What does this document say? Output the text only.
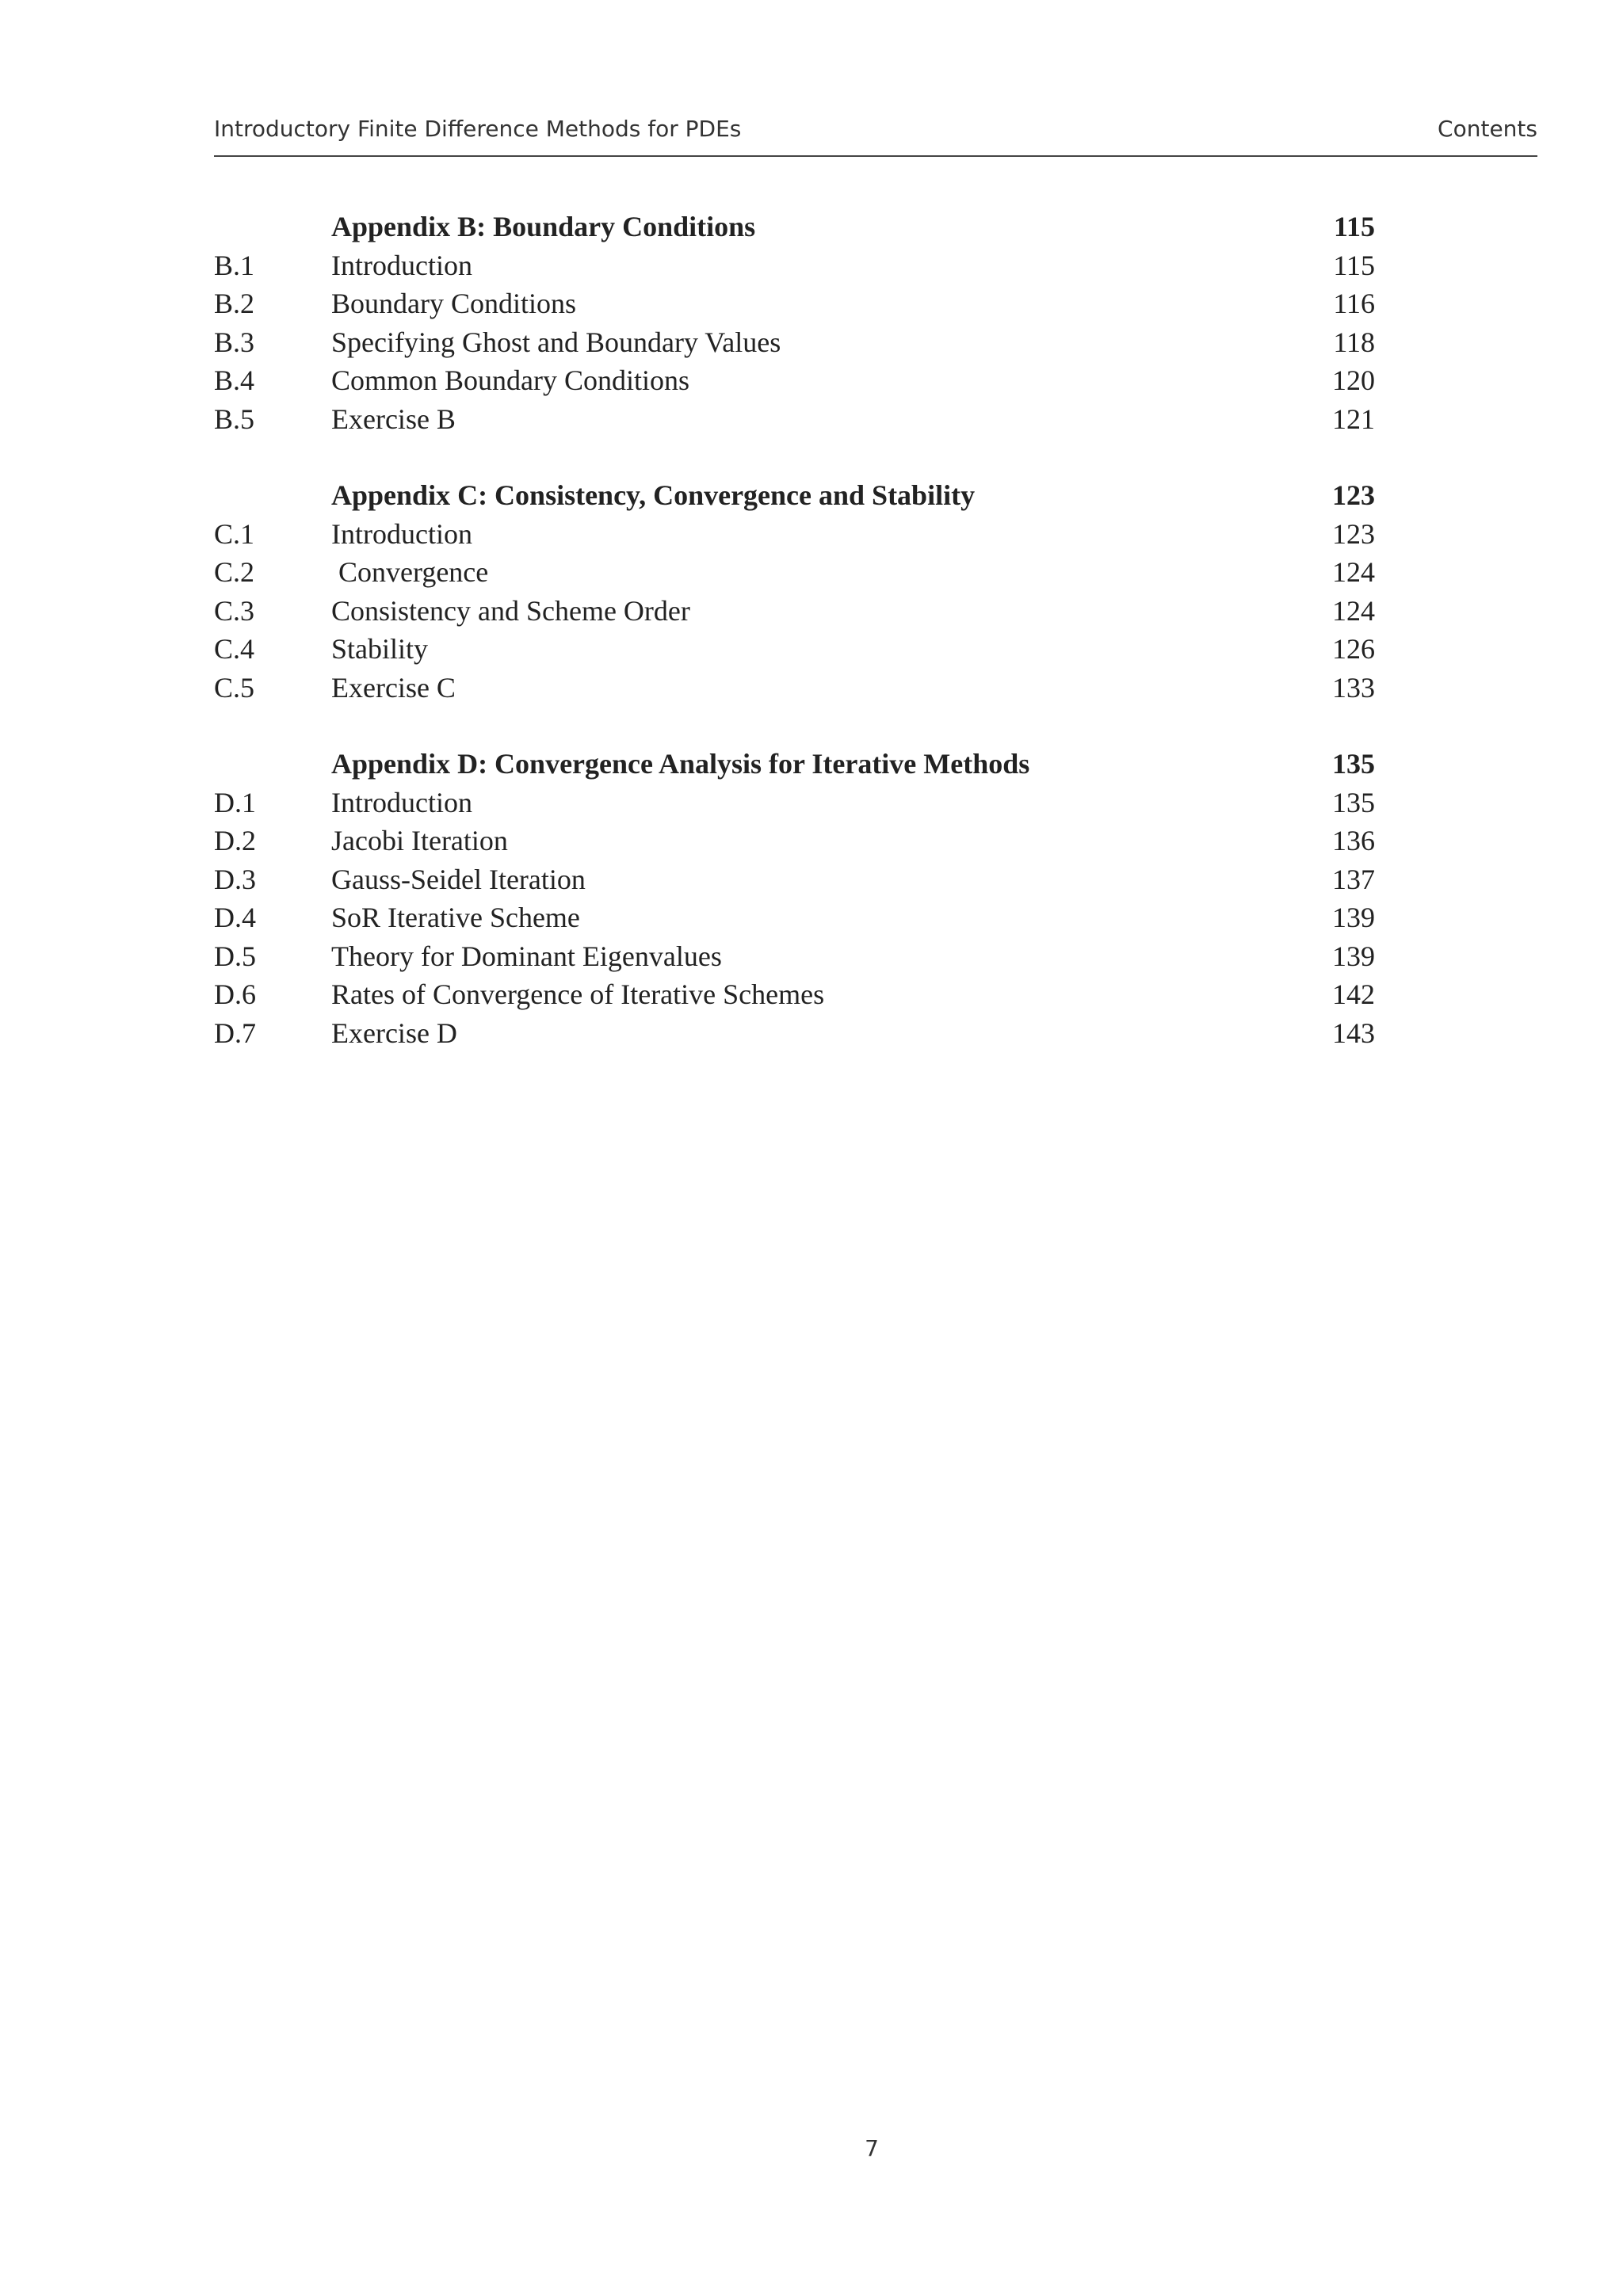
Introductory Finite Difference Methods for PDEs	Contents
Appendix B: Boundary Conditions	115
B.1	Introduction	115
B.2	Boundary Conditions	116
B.3	Specifying Ghost and Boundary Values	118
B.4	Common Boundary Conditions	120
B.5	Exercise B	121
Appendix C: Consistency, Convergence and Stability	123
C.1	Introduction	123
C.2	Convergence	124
C.3	Consistency and Scheme Order	124
C.4	Stability	126
C.5	Exercise C	133
Appendix D: Convergence Analysis for Iterative Methods	135
D.1	Introduction	135
D.2	Jacobi Iteration	136
D.3	Gauss-Seidel Iteration	137
D.4	SoR Iterative Scheme	139
D.5	Theory for Dominant Eigenvalues	139
D.6	Rates of Convergence of Iterative Schemes	142
D.7	Exercise D	143
7
